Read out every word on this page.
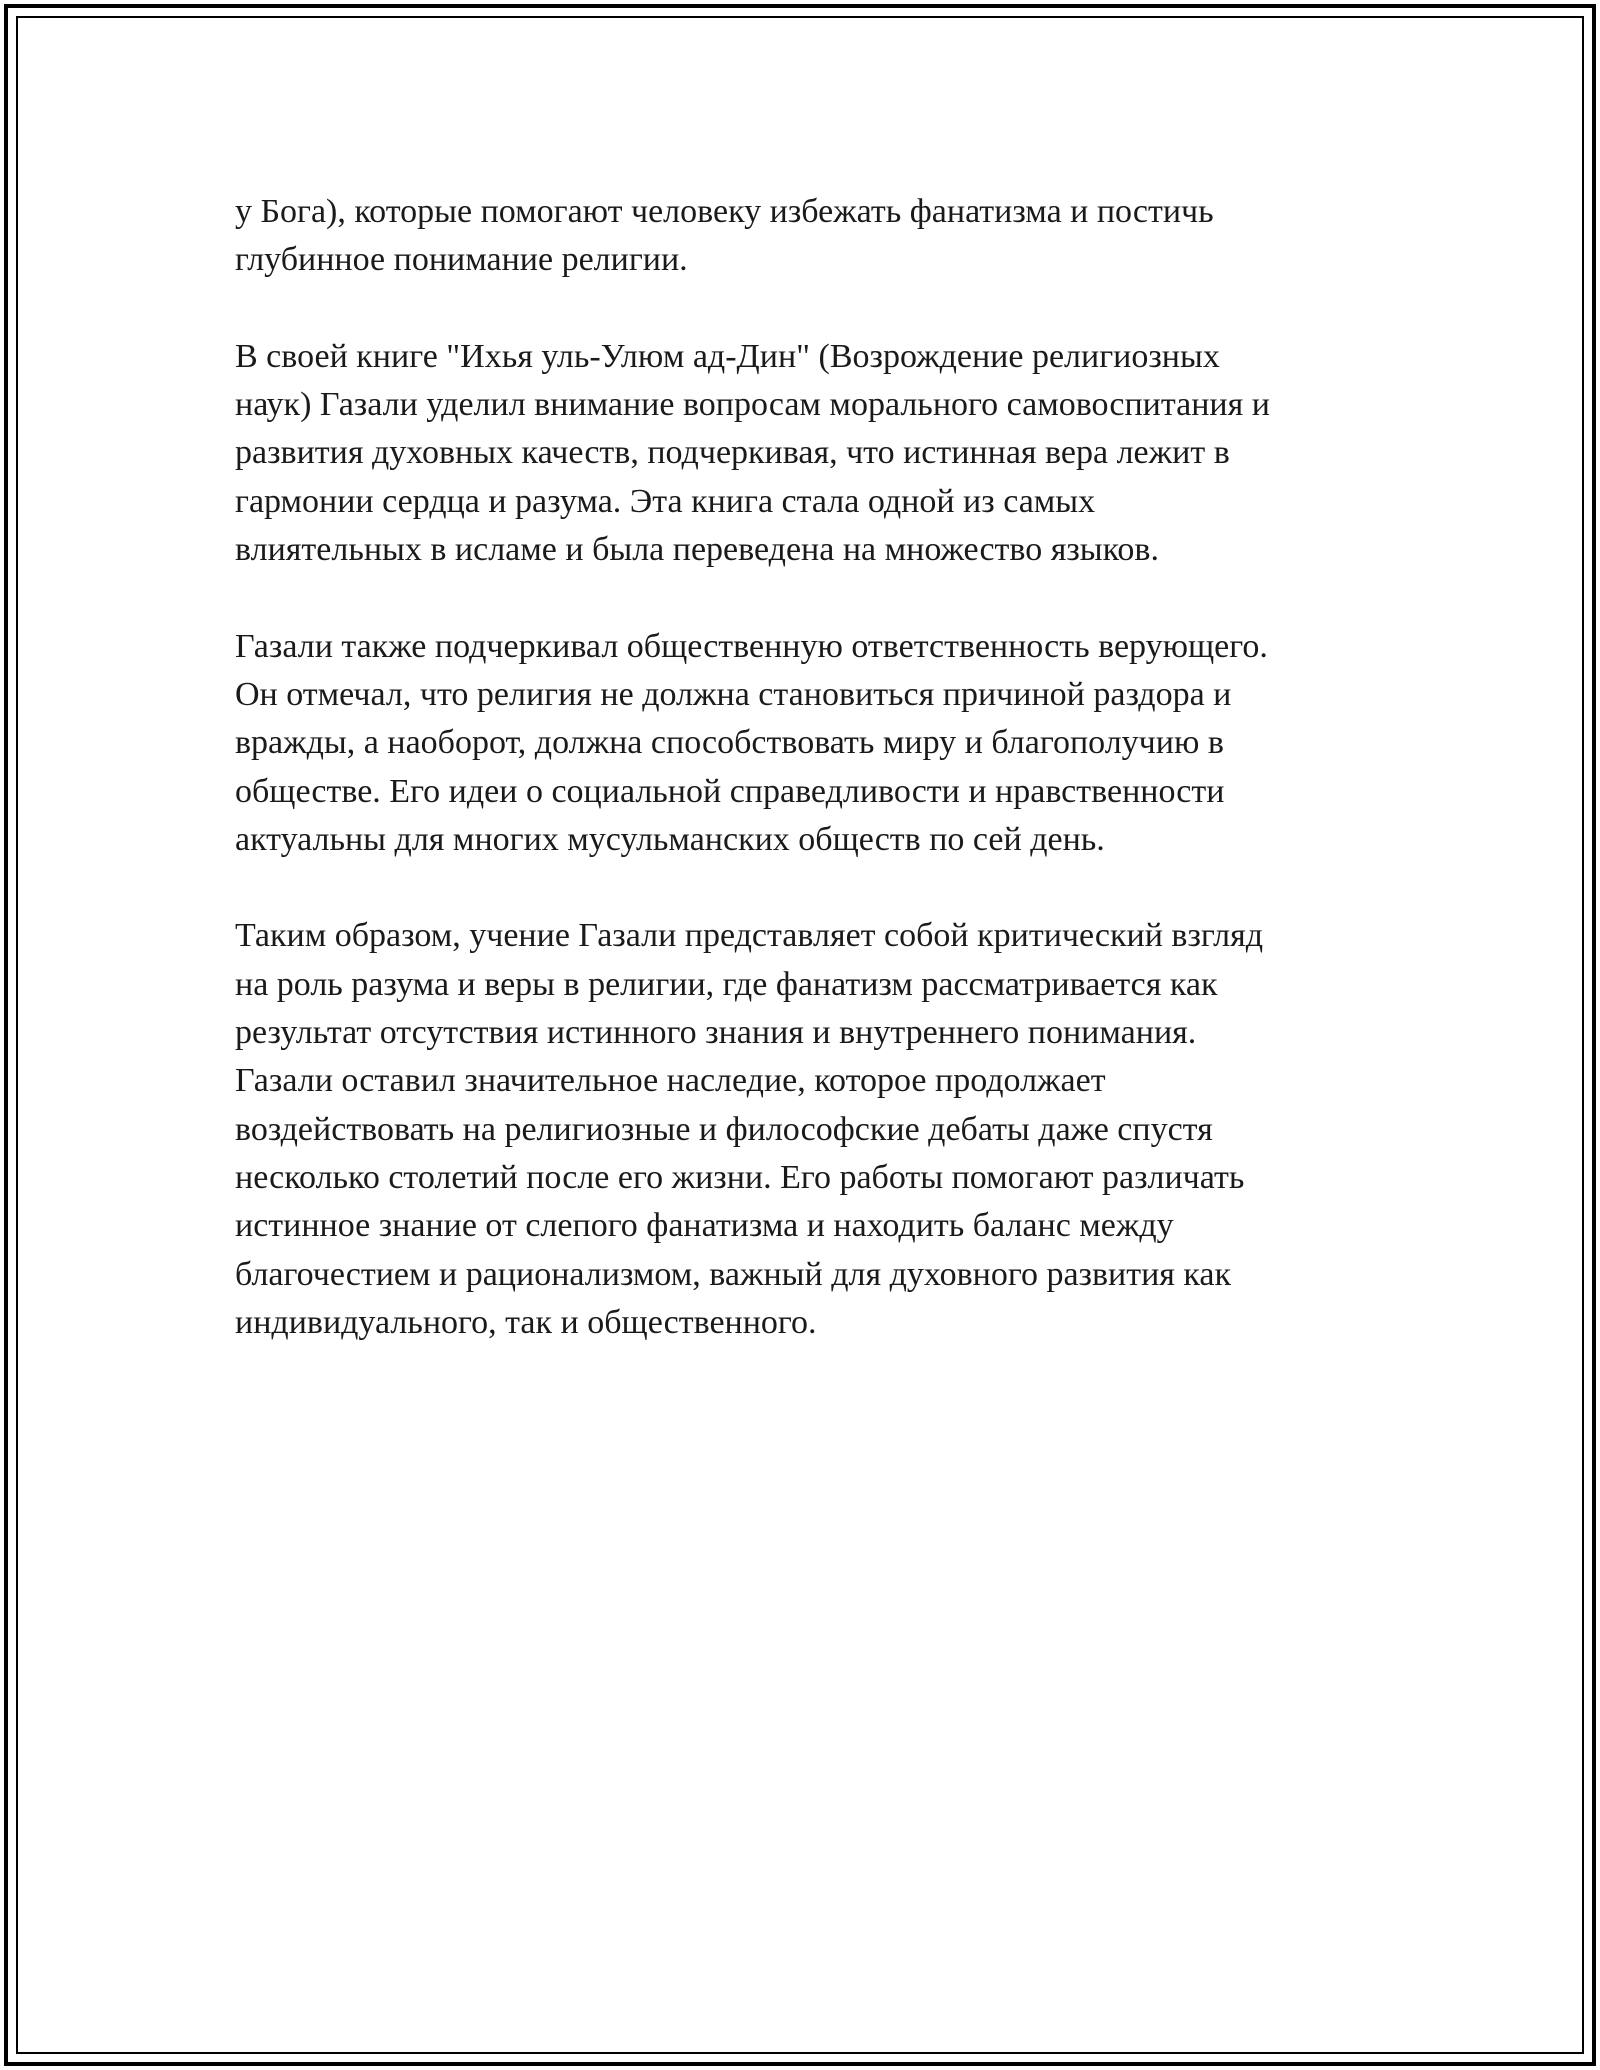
у Бога), которые помогают человеку избежать фанатизма и постичь
глубинное понимание религии.
В своей книге "Ихья уль-Улюм ад-Дин" (Возрождение религиозных
наук) Газали уделил внимание вопросам морального самовоспитания и
развития духовных качеств, подчеркивая, что истинная вера лежит в
гармонии сердца и разума. Эта книга стала одной из самых
влиятельных в исламе и была переведена на множество языков.
Газали также подчеркивал общественную ответственность верующего.
Он отмечал, что религия не должна становиться причиной раздора и
вражды, а наоборот, должна способствовать миру и благополучию в
обществе. Его идеи о социальной справедливости и нравственности
актуальны для многих мусульманских обществ по сей день.
Таким образом, учение Газали представляет собой критический взгляд
на роль разума и веры в религии, где фанатизм рассматривается как
результат отсутствия истинного знания и внутреннего понимания.
Газали оставил значительное наследие, которое продолжает
воздействовать на религиозные и философские дебаты даже спустя
несколько столетий после его жизни. Его работы помогают различать
истинное знание от слепого фанатизма и находить баланс между
благочестием и рационализмом, важный для духовного развития как
индивидуального, так и общественного.
